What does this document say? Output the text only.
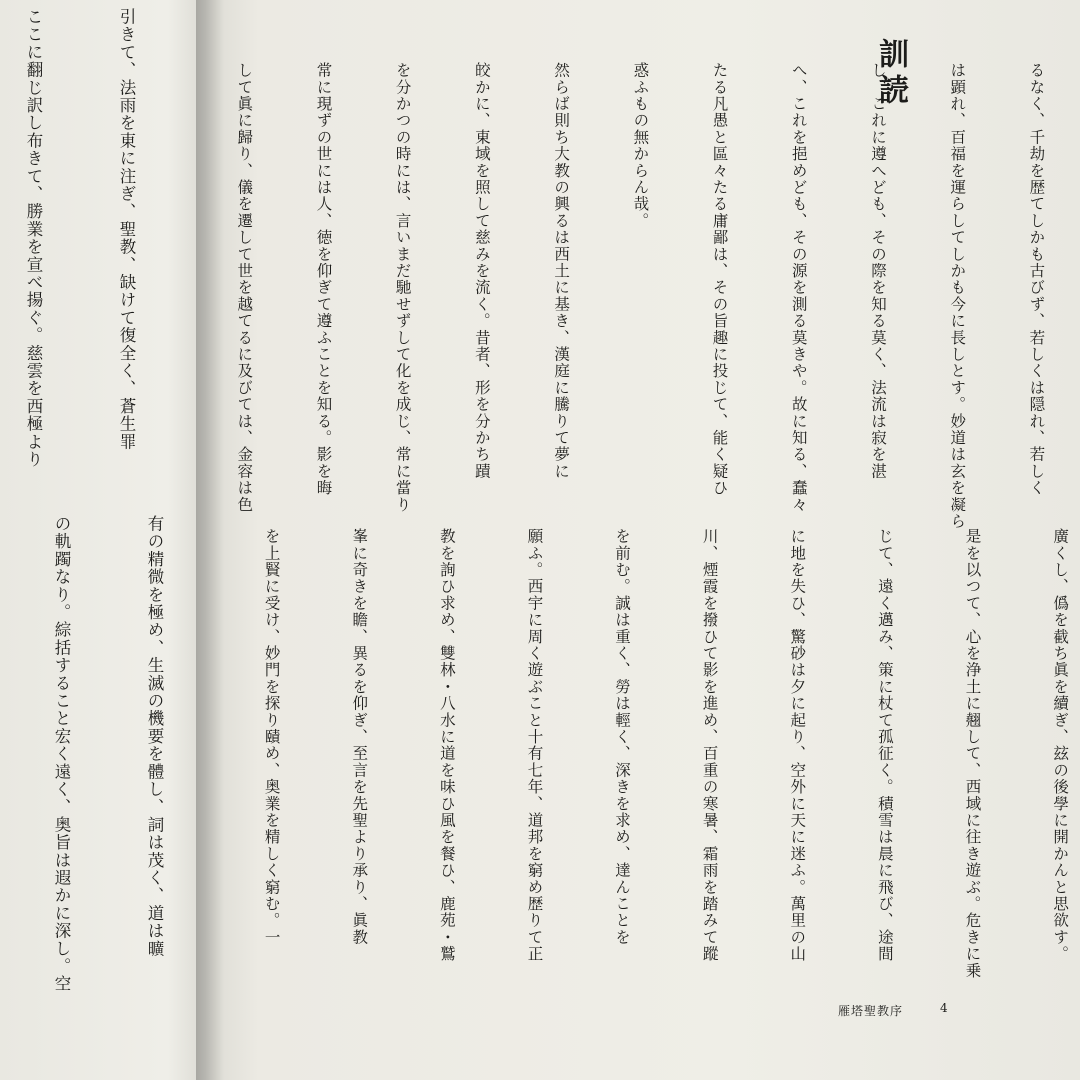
引きて、法雨を東に注ぎ、聖教、缺けて復全く、蒼生罪

ここに翻じ訳し布きて、勝業を宣べ揚ぐ。慈雲を西極より

有の精微を極め、生滅の機要を體し、詞は茂く、道は曠

の軌躅なり。綜括すること宏く遠く、奥旨は遐かに深し。空

訓読

	るなく、千劫を歴てしかも古びず、若しくは隠れ、若しく

は顕れ、百福を運らしてしかも今に長しとす。妙道は玄を凝ら

し、これに遵へども、その際を知る莫く、法流は寂を湛

へ、これを挹めども、その源を測る莫きや。故に知る、蠢々

たる凡愚と區々たる庸鄙は、その旨趣に投じて、能く疑ひ

惑ふもの無からん哉。

然らば則ち大教の興るは西土に基き、漢庭に騰りて夢に

皎かに、東域を照して慈みを流く。昔者、形を分かち蹟

を分かつの時には、言いまだ馳せずして化を成じ、常に當り

常に現ずの世には人、徳を仰ぎて遵ふことを知る。影を晦

して眞に歸り、儀を遷して世を越てるに及びては、金容は色

廣くし、僞を截ち眞を續ぎ、玆の後學に開かんと思欲す。

是を以つて、心を浄土に翹して、西域に往き遊ぶ。危きに乗

じて、遠く邁み、策に杖て孤征く。積雪は晨に飛び、途間

に地を失ひ、驚砂は夕に起り、空外に天に迷ふ。萬里の山

川、煙霞を撥ひて影を進め、百重の寒暑、霜雨を踏みて蹤

を前む。誠は重く、勞は輕く、深きを求め、達んことを

願ふ。西宇に周く遊ぶこと十有七年、道邦を窮め歴りて正

教を詢ひ求め、雙林・八水に道を味ひ風を餐ひ、鹿苑・鷲

峯に奇きを瞻、異るを仰ぎ、至言を先聖より承り、眞教

を上賢に受け、妙門を探り賾め、奥業を精しく窮む。一

雁塔聖教序	4
